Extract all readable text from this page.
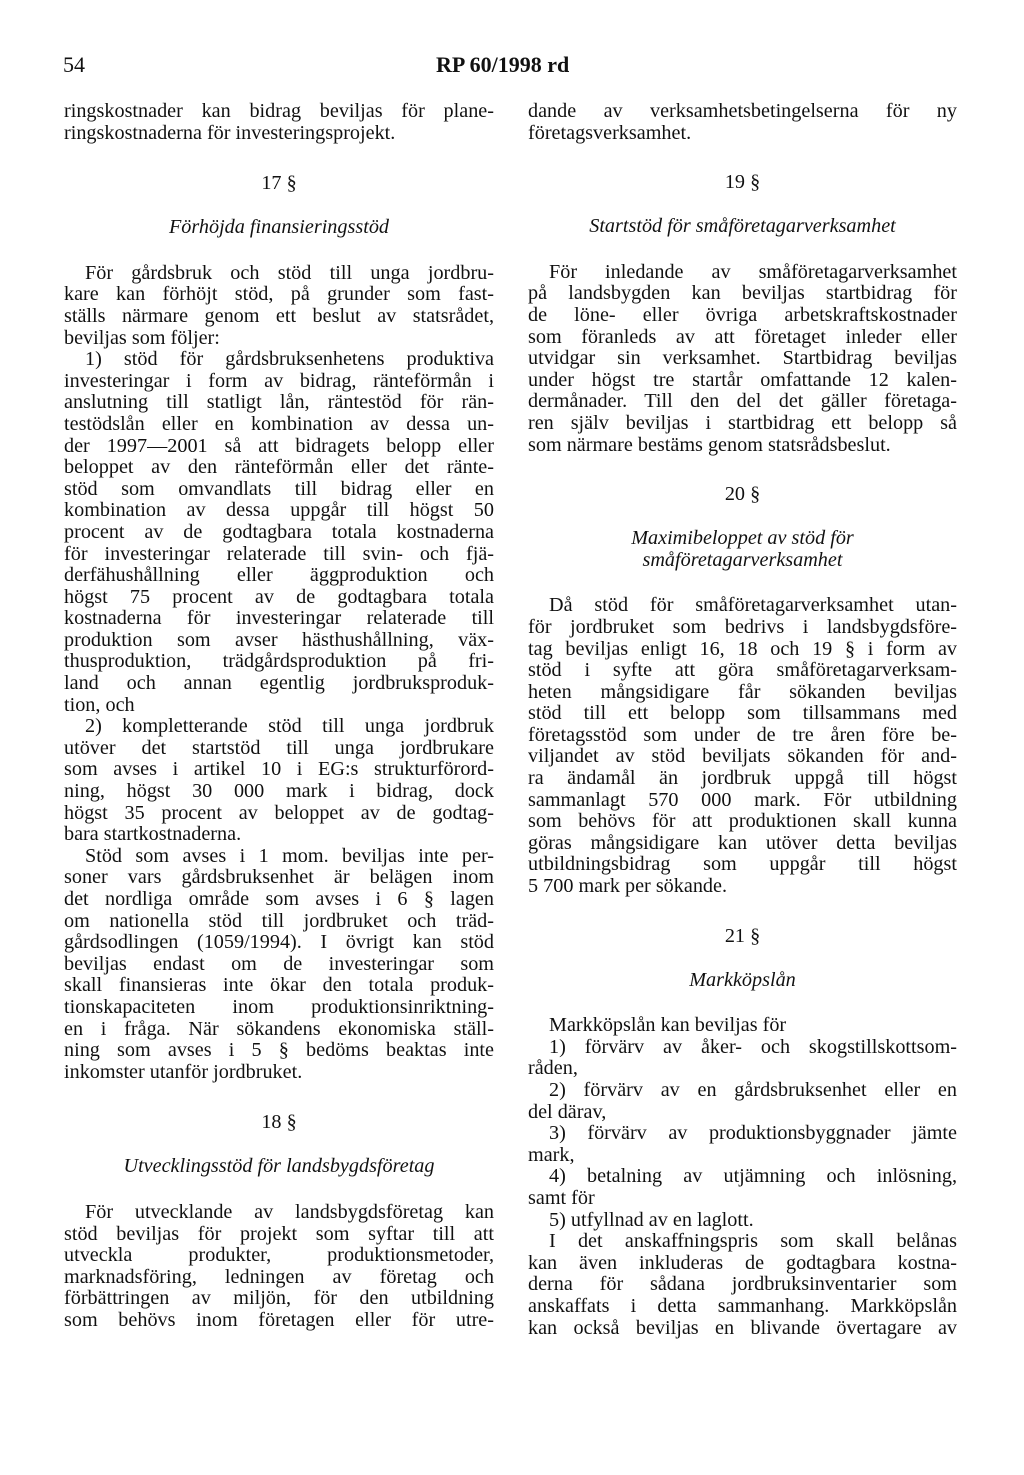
54	RP 60/1998 rd
ringskostnader kan bidrag beviljas för plane-
ringskostnaderna för investeringsprojekt.
17 §
Förhöjda finansieringsstöd
För gårdsbruk och stöd till unga jordbru-
kare kan förhöjt stöd, på grunder som fast-
ställs närmare genom ett beslut av statsrådet,
beviljas som följer:
1) stöd för gårdsbruksenhetens produktiva
investeringar i form av bidrag, ränteförmån i
anslutning till statligt lån, räntestöd för rän-
testödslån eller en kombination av dessa un-
der 1997—2001 så att bidragets belopp eller
beloppet av den ränteförmån eller det ränte-
stöd som omvandlats till bidrag eller en
kombination av dessa uppgår till högst 50
procent av de godtagbara totala kostnaderna
för investeringar relaterade till svin- och fjä-
derfähushållning eller äggproduktion och
högst 75 procent av de godtagbara totala
kostnaderna för investeringar relaterade till
produktion som avser hästhushållning, väx-
thusproduktion, trädgårdsproduktion på fri-
land och annan egentlig jordbruksproduk-
tion, och
2) kompletterande stöd till unga jordbruk
utöver det startstöd till unga jordbrukare
som avses i artikel 10 i EG:s strukturförord-
ning, högst 30 000 mark i bidrag, dock
högst 35 procent av beloppet av de godtag-
bara startkostnaderna.
Stöd som avses i 1 mom. beviljas inte per-
soner vars gårdsbruksenhet är belägen inom
det nordliga område som avses i 6 § lagen
om nationella stöd till jordbruket och träd-
gårdsodlingen (1059/1994). I övrigt kan stöd
beviljas endast om de investeringar som
skall finansieras inte ökar den totala produk-
tionskapaciteten inom produktionsinriktning-
en i fråga. När sökandens ekonomiska ställ-
ning som avses i 5 § bedöms beaktas inte
inkomster utanför jordbruket.
18 §
Utvecklingsstöd för landsbygdsföretag
För utvecklande av landsbygdsföretag kan
stöd beviljas för projekt som syftar till att
utveckla produkter, produktionsmetoder,
marknadsföring, ledningen av företag och
förbättringen av miljön, för den utbildning
som behövs inom företagen eller för utre-
dande av verksamhetsbetingelserna för ny
företagsverksamhet.
19 §
Startstöd för småföretagarverksamhet
För inledande av småföretagarverksamhet
på landsbygden kan beviljas startbidrag för
de löne- eller övriga arbetskraftskostnader
som föranleds av att företaget inleder eller
utvidgar sin verksamhet. Startbidrag beviljas
under högst tre startår omfattande 12 kalen-
dermånader. Till den del det gäller företaga-
ren själv beviljas i startbidrag ett belopp så
som närmare bestäms genom statsrådsbeslut.
20 §
Maximibeloppet av stöd för
småföretagarverksamhet
Då stöd för småföretagarverksamhet utan-
för jordbruket som bedrivs i landsbygdsföre-
tag beviljas enligt 16, 18 och 19 § i form av
stöd i syfte att göra småföretagarverksam-
heten mångsidigare får sökanden beviljas
stöd till ett belopp som tillsammans med
företagsstöd som under de tre åren före be-
viljandet av stöd beviljats sökanden för and-
ra ändamål än jordbruk uppgå till högst
sammanlagt 570 000 mark. För utbildning
som behövs för att produktionen skall kunna
göras mångsidigare kan utöver detta beviljas
utbildningsbidrag som uppgår till högst
5 700 mark per sökande.
21 §
Markköpslån
Markköpslån kan beviljas för
1) förvärv av åker- och skogstillskottsom-
råden,
2) förvärv av en gårdsbruksenhet eller en
del därav,
3) förvärv av produktionsbyggnader jämte
mark,
4) betalning av utjämning och inlösning,
samt för
5) utfyllnad av en laglott.
I det anskaffningspris som skall belånas
kan även inkluderas de godtagbara kostna-
derna för sådana jordbruksinventarier som
anskaffats i detta sammanhang. Markköpslån
kan också beviljas en blivande övertagare av
